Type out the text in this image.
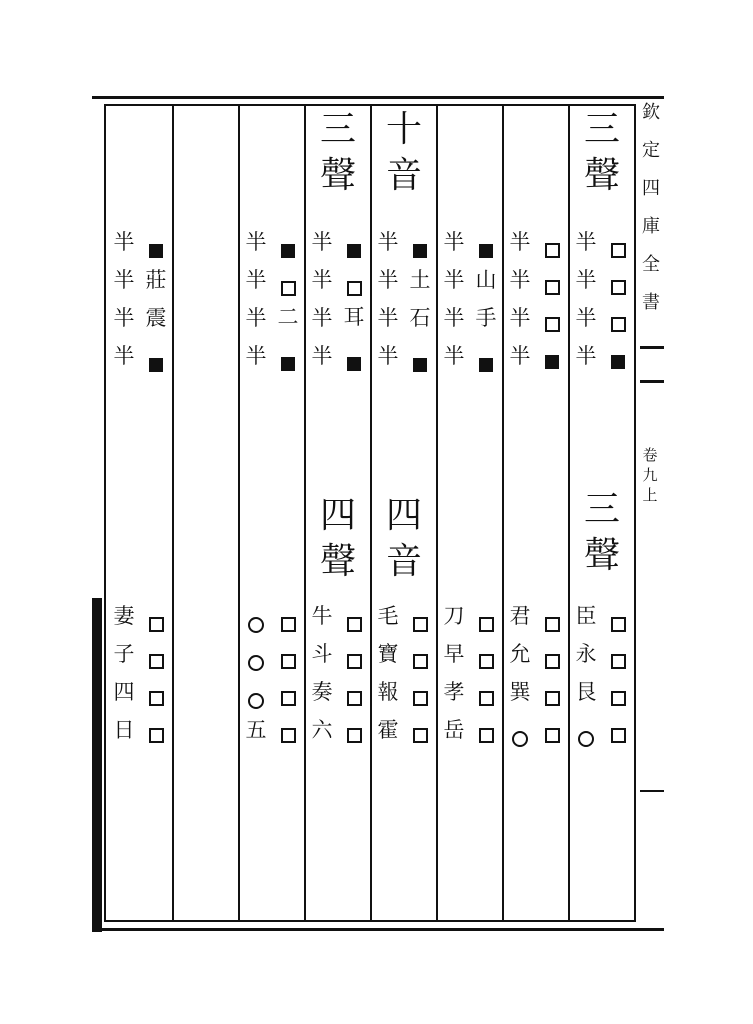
欽
定
四
庫
全
書
卷
九
上
三
聲
半
半
半
半
三
聲
臣
永
艮
半
半
半
半
君
允
巽
半
半
半
半
山
手
刀
早
孝
岳
十
音
半
半
半
半
土
石
四
音
毛
寶
報
霍
三
聲
半
半
半
半
耳
四
聲
牛
斗
奏
六
半
半
半
半
二
五
半
半
半
半
莊
震
妻
子
四
日
